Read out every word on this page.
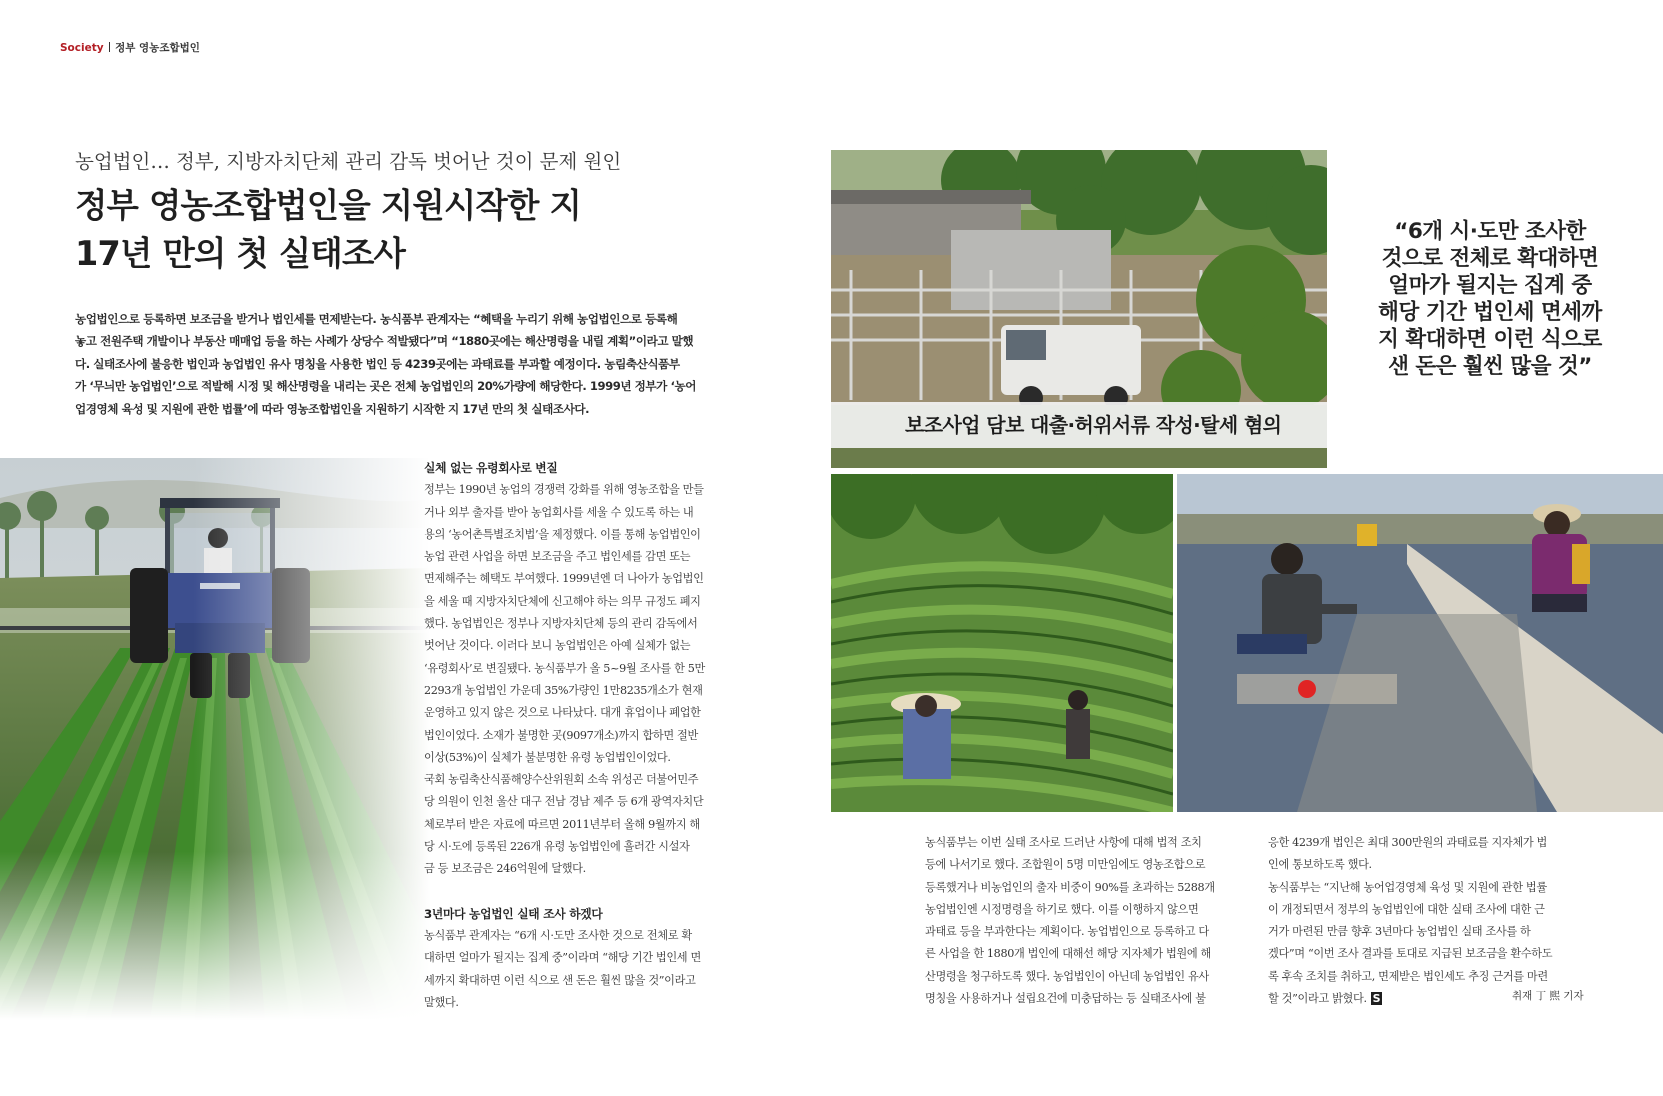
Society 정부 영농조합법인
농업법인… 정부, 지방자치단체 관리 감독 벗어난 것이 문제 원인
정부 영농조합법인을 지원시작한 지
17년 만의 첫 실태조사

농업법인으로 등록하면 보조금을 받거나 법인세를 면제받는다. 농식품부 관계자는 “혜택을 누리기 위해 농업법인으로 등록해

놓고 전원주택 개발이나 부동산 매매업 등을 하는 사례가 상당수 적발됐다”며 “1880곳에는 해산명령을 내릴 계획”이라고 말했

다. 실태조사에 불응한 법인과 농업법인 유사 명칭을 사용한 법인 등 4239곳에는 과태료를 부과할 예정이다. 농림축산식품부

가 ‘무늬만 농업법인’으로 적발해 시정 및 해산명령을 내리는 곳은 전체 농업법인의 20%가량에 해당한다. 1999년 정부가 ‘농어

업경영체 육성 및 지원에 관한 법률’에 따라 영농조합법인을 지원하기 시작한 지 17년 만의 첫 실태조사다.

실체 없는 유령회사로 변질

정부는 1990년 농업의 경쟁력 강화를 위해 영농조합을 만들

거나 외부 출자를 받아 농업회사를 세울 수 있도록 하는 내

용의 ‘농어촌특별조치법’을 제정했다. 이를 통해 농업법인이

농업 관련 사업을 하면 보조금을 주고 법인세를 감면 또는

면제해주는 혜택도 부여했다. 1999년엔 더 나아가 농업법인

을 세울 때 지방자치단체에 신고해야 하는 의무 규정도 폐지

했다. 농업법인은 정부나 지방자치단체 등의 관리 감독에서

벗어난 것이다. 이러다 보니 농업법인은 아예 실체가 없는

‘유령회사’로 변질됐다. 농식품부가 올 5~9월 조사를 한 5만

2293개 농업법인 가운데 35%가량인 1만8235개소가 현재

운영하고 있지 않은 것으로 나타났다. 대개 휴업이나 폐업한

법인이었다. 소재가 불명한 곳(9097개소)까지 합하면 절반

이상(53%)이 실체가 불분명한 유령 농업법인이었다.

국회 농림축산식품해양수산위원회 소속 위성곤 더불어민주

당 의원이 인천 울산 대구 전남 경남 제주 등 6개 광역자치단

체로부터 받은 자료에 따르면 2011년부터 올해 9월까지 해

당 시·도에 등록된 226개 유령 농업법인에 흘러간 시설자

금 등 보조금은 246억원에 달했다.

3년마다 농업법인 실태 조사 하겠다

농식품부 관계자는 “6개 시·도만 조사한 것으로 전체로 확

대하면 얼마가 될지는 집계 중”이라며 “해당 기간 법인세 면

세까지 확대하면 이런 식으로 샌 돈은 훨씬 많을 것”이라고

말했다.

보조사업 담보 대출·허위서류 작성·탈세 혐의

“6개 시·도만 조사한

것으로 전체로 확대하면

얼마가 될지는 집계 중

해당 기간 법인세 면세까

지 확대하면 이런 식으로

샌 돈은 훨씬 많을 것”

농식품부는 이번 실태 조사로 드러난 사항에 대해 법적 조치

등에 나서기로 했다. 조합원이 5명 미만임에도 영농조합으로

등록했거나 비농업인의 출자 비중이 90%를 초과하는 5288개

농업법인엔 시정명령을 하기로 했다. 이를 이행하지 않으면

과태료 등을 부과한다는 계획이다. 농업법인으로 등록하고 다

른 사업을 한 1880개 법인에 대해선 해당 지자체가 법원에 해

산명령을 청구하도록 했다. 농업법인이 아닌데 농업법인 유사

명칭을 사용하거나 설립요건에 미충답하는 등 실태조사에 불

응한 4239개 법인은 최대 300만원의 과태료를 지자체가 법

인에 통보하도록 했다.

농식품부는 “지난해 농어업경영체 육성 및 지원에 관한 법률

이 개정되면서 정부의 농업법인에 대한 실태 조사에 대한 근

거가 마련된 만큼 향후 3년마다 농업법인 실태 조사를 하

겠다”며 “이번 조사 결과를 토대로 지급된 보조금을 환수하도

록 후속 조치를 취하고, 면제받은 법인세도 추징 근거를 마련

할 것”이라고 밝혔다. S	취재 丁 熙 기자
